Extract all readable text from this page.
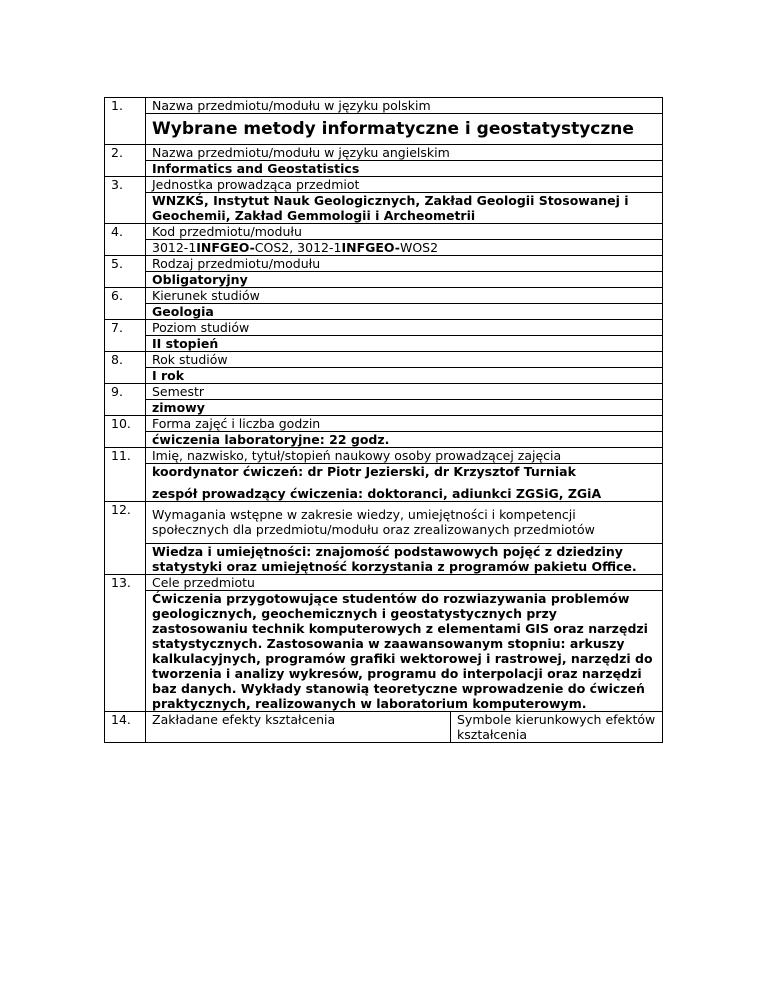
1.	Nazwa przedmiotu/modułu w języku polskim	
	Wybrane metody informatyczne i geostatystyczne	
2.	Nazwa przedmiotu/modułu w języku angielskim	
	Informatics and Geostatistics	
3.	Jednostka prowadząca przedmiot	
	WNZKŚ, Instytut Nauk Geologicznych, Zakład Geologii Stosowanej i Geochemii, Zakład Gemmologii i Archeometrii	
4.	Kod przedmiotu/modułu	
	3012-1INFGEO-COS2, 3012-1INFGEO-WOS2	
5.	Rodzaj przedmiotu/modułu	
	Obligatoryjny	
6.	Kierunek studiów	
	Geologia	
7.	Poziom studiów	
	II stopień	
8.	Rok studiów	
	I rok	
9.	Semestr	
	zimowy	
10.	Forma zajęć i liczba godzin	
	ćwiczenia laboratoryjne: 22 godz.	
11.	Imię, nazwisko, tytuł/stopień naukowy osoby prowadzącej zajęcia	

	koordynator ćwiczeń: dr Piotr Jezierski, dr Krzysztof Turniak

zespół prowadzący ćwiczenia: doktoranci, adiunkci ZGSiG, ZGiA	

12.	Wymagania wstępne w zakresie wiedzy, umiejętności i kompetencji społecznych dla przedmiotu/modułu oraz zrealizowanych przedmiotów	
	Wiedza i umiejętności: znajomość podstawowych pojęć z dziedziny statystyki oraz umiejętność korzystania z programów pakietu Office.	
13.	Cele przedmiotu	
	Ćwiczenia przygotowujące studentów do rozwiazywania problemów geologicznych, geochemicznych i geostatystycznych przy zastosowaniu technik komputerowych z elementami GIS oraz narzędzi statystycznych. Zastosowania w zaawansowanym stopniu: arkuszy kalkulacyjnych, programów grafiki wektorowej i rastrowej, narzędzi do tworzenia i analizy wykresów, programu do interpolacji oraz narzędzi baz danych. Wykłady stanowią teoretyczne wprowadzenie do ćwiczeń praktycznych, realizowanych w laboratorium komputerowym.	
14.	Zakładane efekty kształcenia	Symbole kierunkowych efektów kształcenia
